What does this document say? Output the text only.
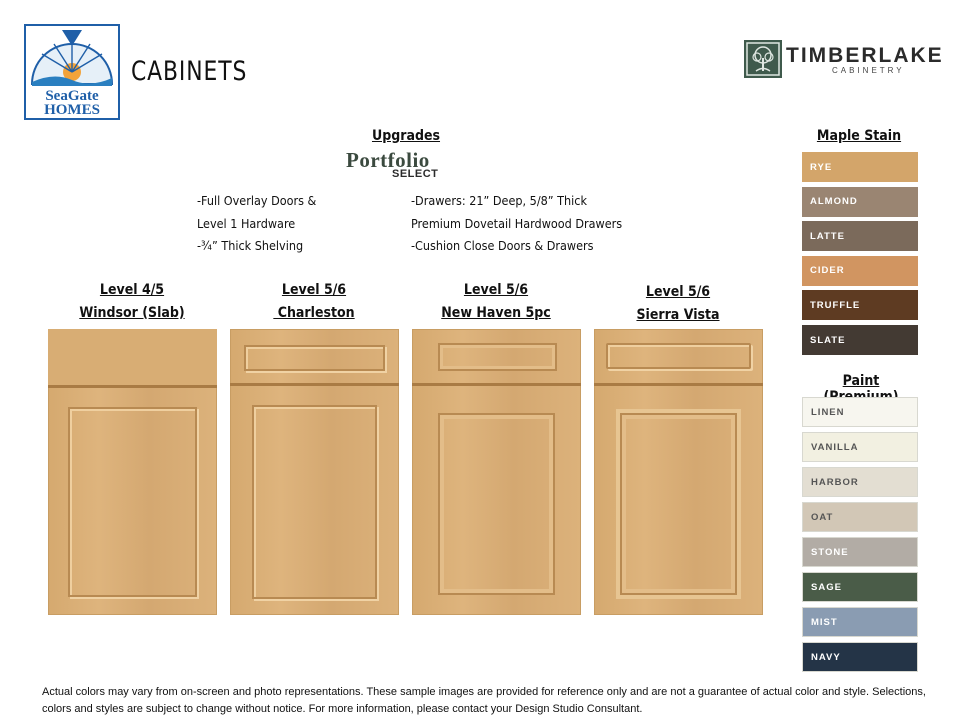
SeaGate
HOMES
CABINETS
TIMBERLAKE
CABINETRY
Upgrades
Portfolio
SELECT
-Full Overlay Doors &
Level 1 Hardware
-¾” Thick Shelving
-Drawers: 21” Deep, 5/8” Thick
Premium Dovetail Hardwood Drawers
-Cushion Close Doors & Drawers
Level 4/5
Windsor (Slab)
Level 5/6
Charleston
Level 5/6
New Haven 5pc
Level 5/6
Sierra Vista
Maple Stain
RYE
ALMOND
LATTE
CIDER
TRUFFLE
SLATE
Paint
LINEN
VANILLA
HARBOR
OAT
STONE
SAGE
MIST
NAVY
Actual colors may vary from on-screen and photo representations. These sample images are provided for reference only and are not a guarantee of actual color and style. Selections, colors and styles are subject to change without notice. For more information, please contact your Design Studio Consultant.
